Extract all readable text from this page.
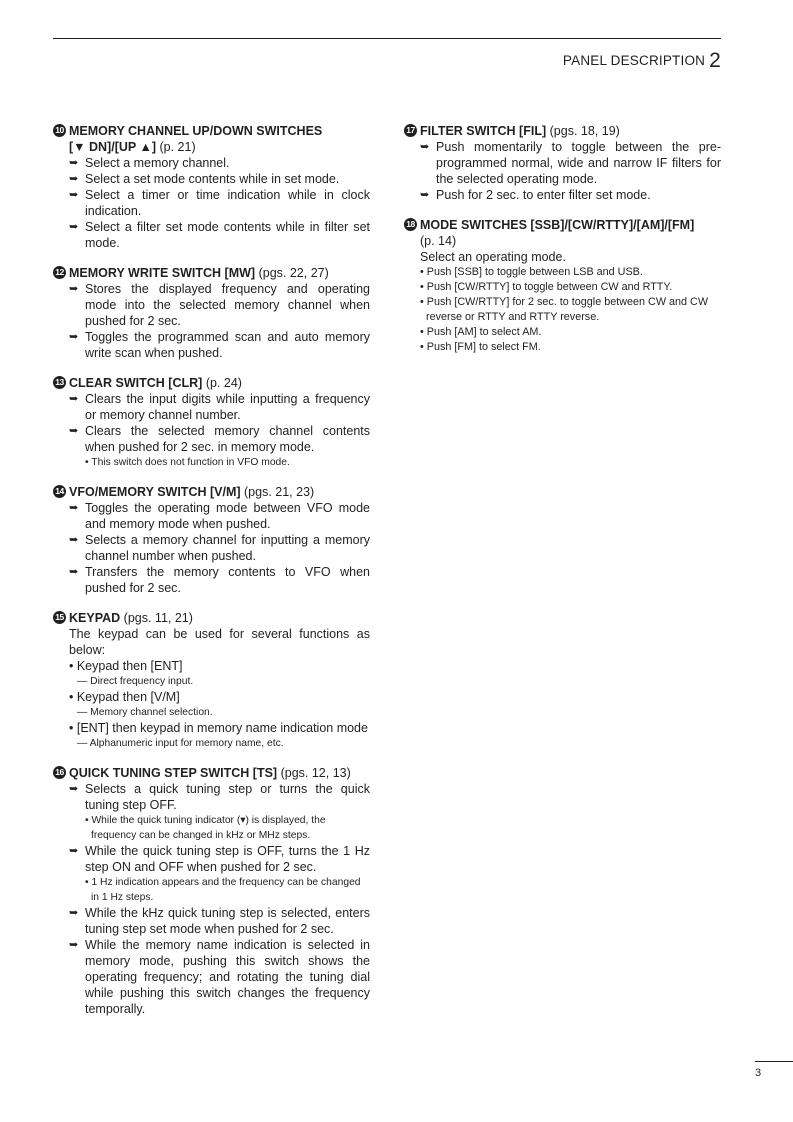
PANEL DESCRIPTION 2
10 MEMORY CHANNEL UP/DOWN SWITCHES
[▼ DN]/[UP ▲] (p. 21)
➥ Select a memory channel.
➥ Select a set mode contents while in set mode.
➥ Select a timer or time indication while in clock indication.
➥ Select a filter set mode contents while in filter set mode.
12 MEMORY WRITE SWITCH [MW] (pgs. 22, 27)
➥ Stores the displayed frequency and operating mode into the selected memory channel when pushed for 2 sec.
➥ Toggles the programmed scan and auto memory write scan when pushed.
13 CLEAR SWITCH [CLR] (p. 24)
➥ Clears the input digits while inputting a frequency or memory channel number.
➥ Clears the selected memory channel contents when pushed for 2 sec. in memory mode.
• This switch does not function in VFO mode.
14 VFO/MEMORY SWITCH [V/M] (pgs. 21, 23)
➥ Toggles the operating mode between VFO mode and memory mode when pushed.
➥ Selects a memory channel for inputting a memory channel number when pushed.
➥ Transfers the memory contents to VFO when pushed for 2 sec.
15 KEYPAD (pgs. 11, 21)
The keypad can be used for several functions as below:
• Keypad then [ENT]
— Direct frequency input.
• Keypad then [V/M]
— Memory channel selection.
• [ENT] then keypad in memory name indication mode
— Alphanumeric input for memory name, etc.
16 QUICK TUNING STEP SWITCH [TS] (pgs. 12, 13)
➥ Selects a quick tuning step or turns the quick tuning step OFF.
• While the quick tuning indicator (▾) is displayed, the frequency can be changed in kHz or MHz steps.
➥ While the quick tuning step is OFF, turns the 1 Hz step ON and OFF when pushed for 2 sec.
• 1 Hz indication appears and the frequency can be changed in 1 Hz steps.
➥ While the kHz quick tuning step is selected, enters tuning step set mode when pushed for 2 sec.
➥ While the memory name indication is selected in memory mode, pushing this switch shows the operating frequency; and rotating the tuning dial while pushing this switch changes the frequency temporally.
17 FILTER SWITCH [FIL] (pgs. 18, 19)
➥ Push momentarily to toggle between the pre-programmed normal, wide and narrow IF filters for the selected operating mode.
➥ Push for 2 sec. to enter filter set mode.
18 MODE SWITCHES [SSB]/[CW/RTTY]/[AM]/[FM]
(p. 14)
Select an operating mode.
• Push [SSB] to toggle between LSB and USB.
• Push [CW/RTTY] to toggle between CW and RTTY.
• Push [CW/RTTY] for 2 sec. to toggle between CW and CW reverse or RTTY and RTTY reverse.
• Push [AM] to select AM.
• Push [FM] to select FM.
3
